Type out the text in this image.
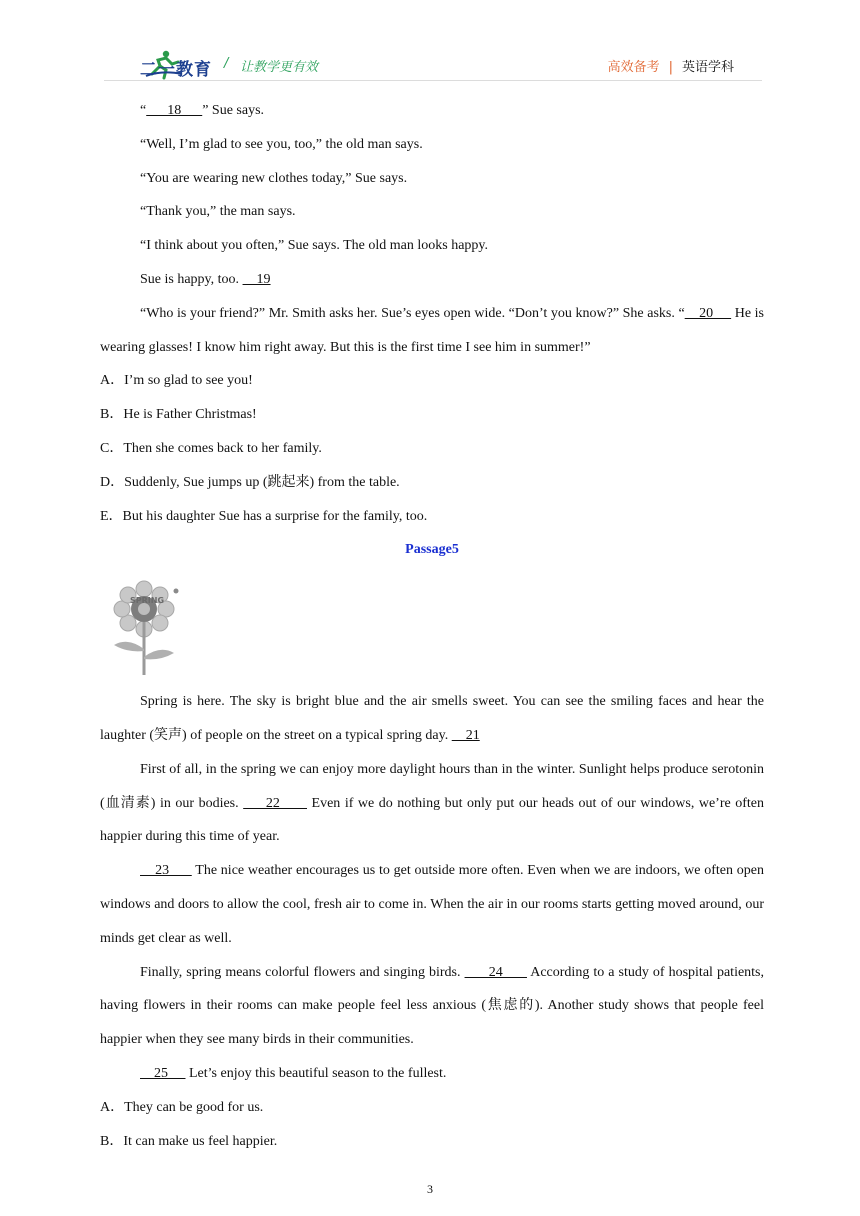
二一教育 / 让教学更有效	高效备考 | 英语学科

“      18      ” Sue says.

“Well, I’m glad to see you, too,” the old man says.

“You are wearing new clothes today,” Sue says.

“Thank you,” the man says.

“I think about you often,” Sue says. The old man looks happy.

Sue is happy, too.     19

“Who is your friend?” Mr. Smith asks her. Sue’s eyes open wide. “Don’t you know?” She asks. “    20      He is wearing glasses! I know him right away. But this is the first time I see him in summer!”

A．I’m so glad to see you!

B．He is Father Christmas!

C．Then she comes back to her family.

D．Suddenly, Sue jumps up (跳起来) from the table.

E．But his daughter Sue has a surprise for the family, too.

Passage5

SPRING

Spring is here. The sky is bright blue and the air smells sweet. You can see the smiling faces and hear the laughter (笑声) of people on the street on a typical spring day.     21

First of all, in the spring we can enjoy more daylight hours than in the winter. Sunlight helps produce serotonin (血清素) in our bodies.      22       Even if we do nothing but only put our heads out of our windows, we’re often happier during this time of year.

23       The nice weather encourages us to get outside more often. Even when we are indoors, we often open windows and doors to allow the cool, fresh air to come in. When the air in our rooms starts getting moved around, our minds get clear as well.

Finally, spring means colorful flowers and singing birds.       24       According to a study of hospital patients, having flowers in their rooms can make people feel less anxious (焦虑的). Another study shows that people feel happier when they see many birds in their communities.

25      Let’s enjoy this beautiful season to the fullest.

A．They can be good for us.

B．It can make us feel happier.

3
